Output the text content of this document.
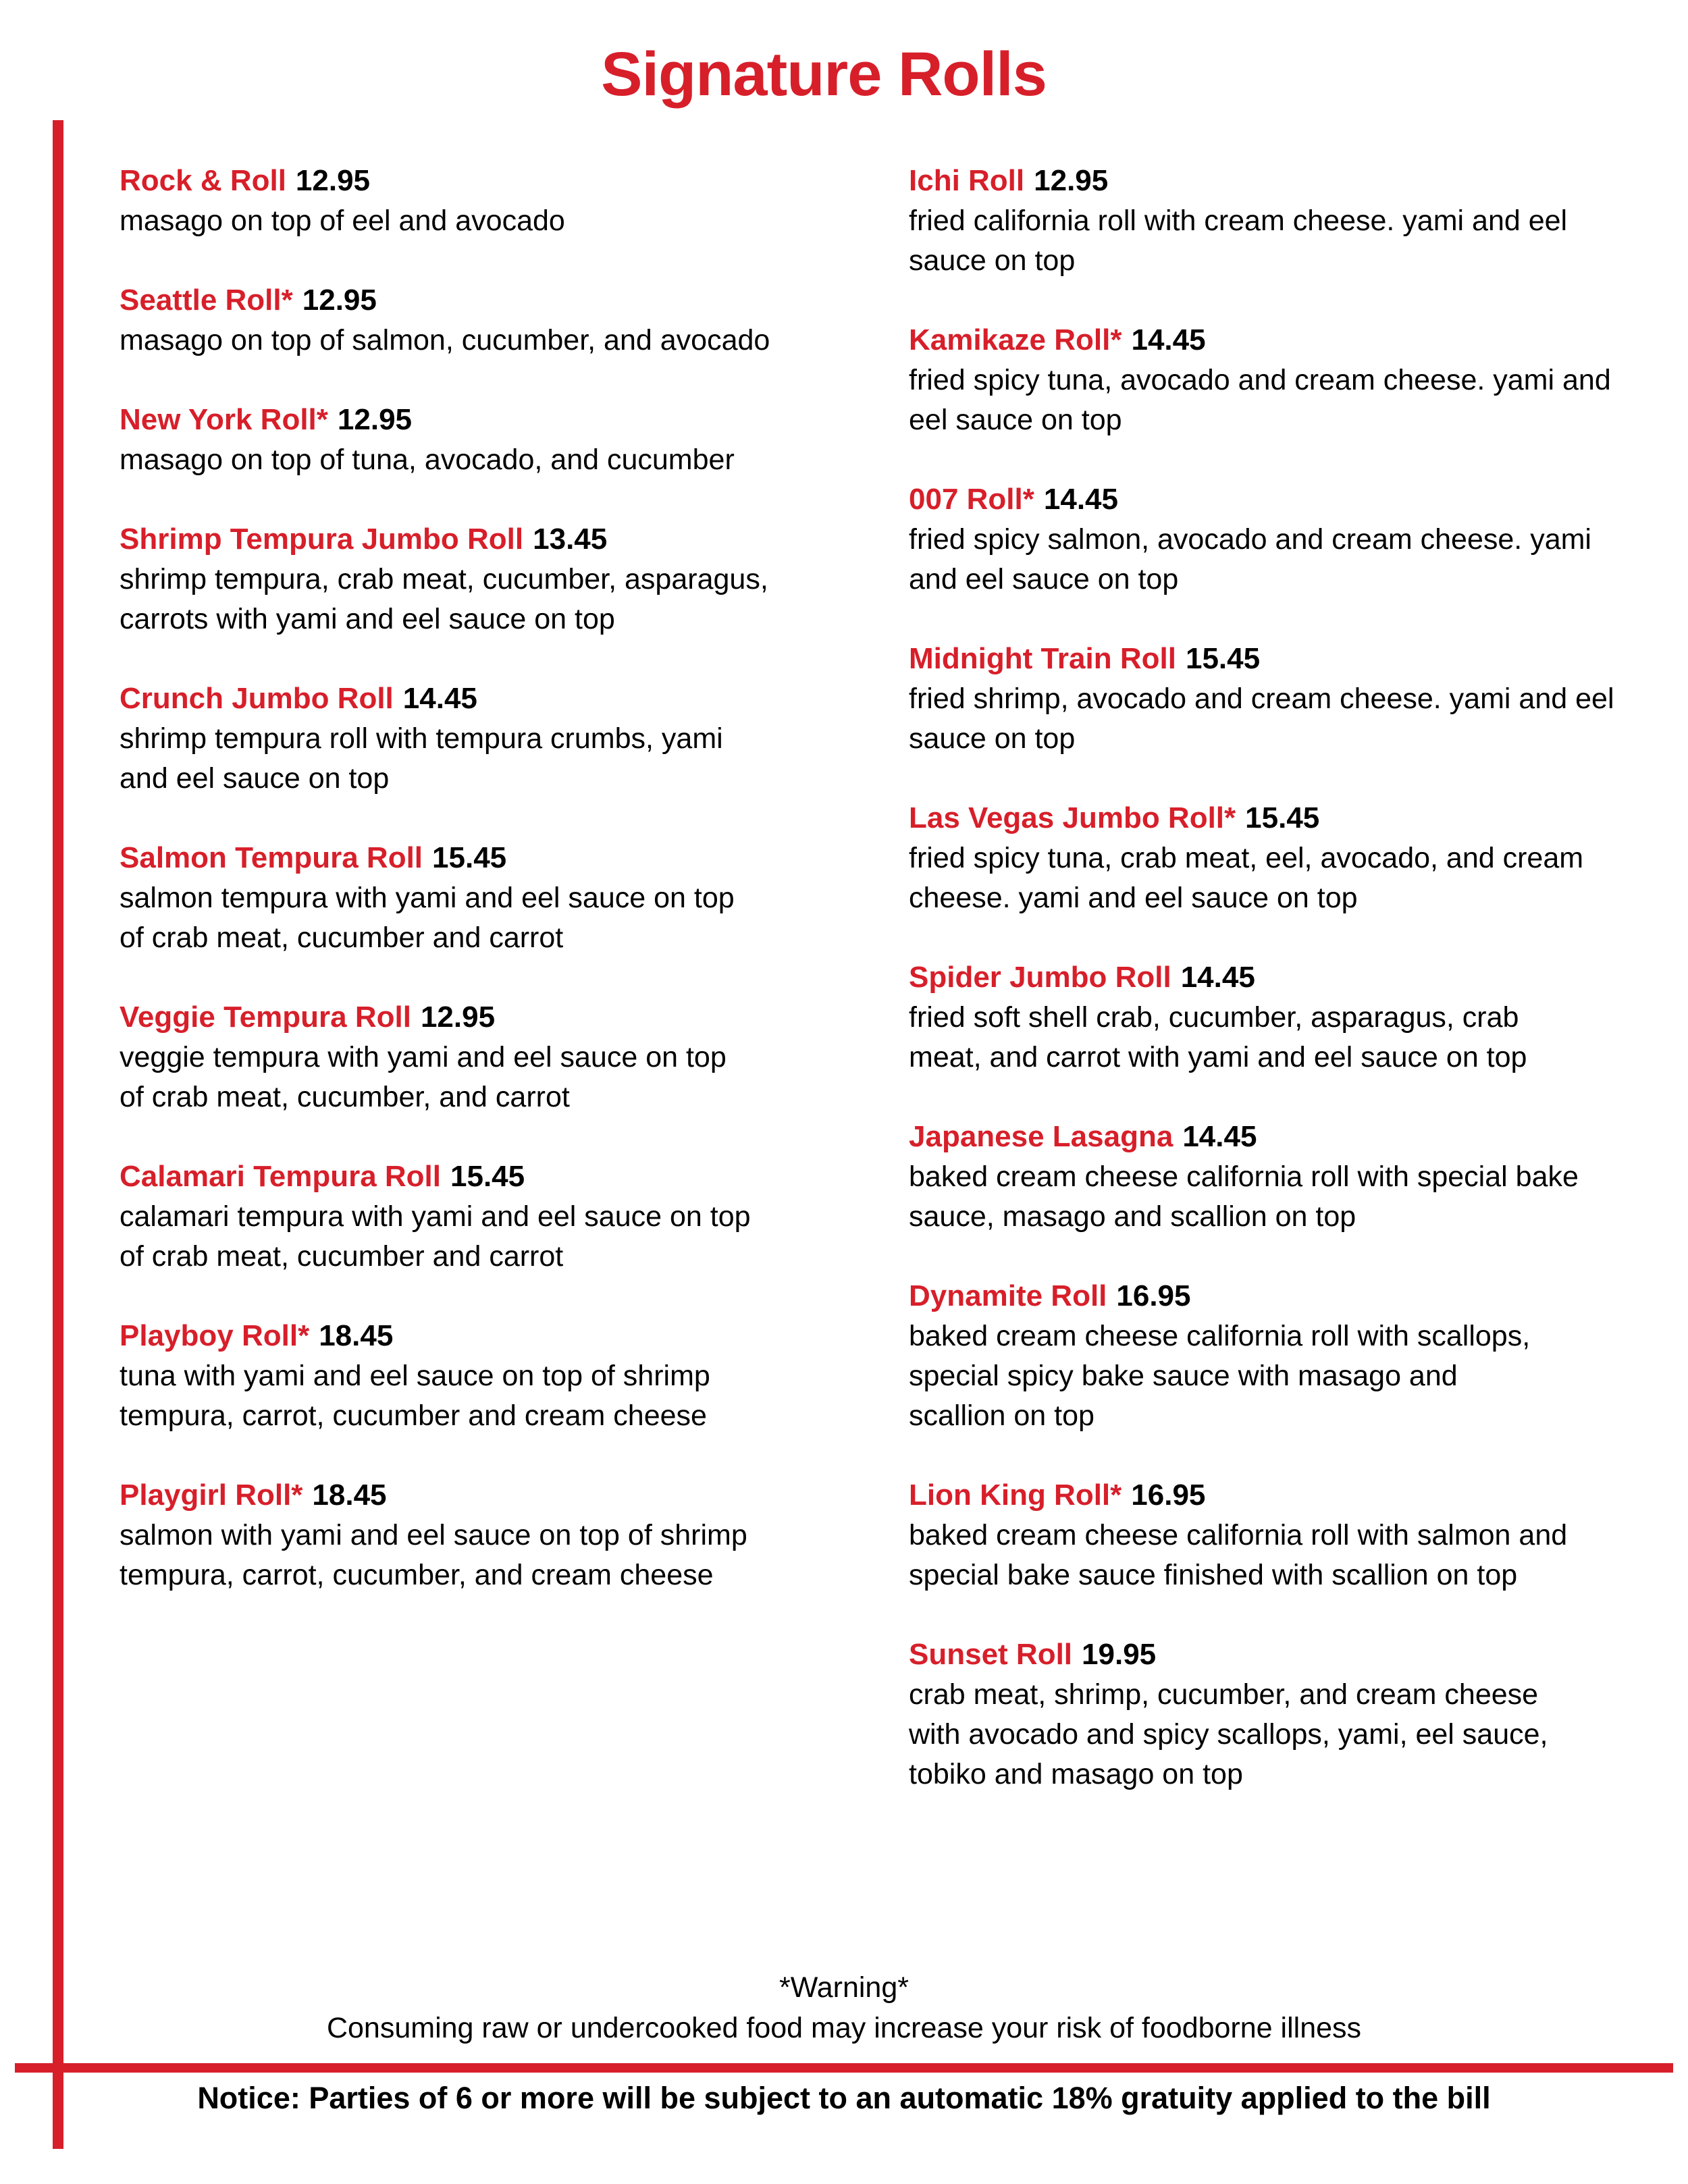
Signature Rolls
Rock & Roll 12.95
masago on top of eel and avocado
Seattle Roll* 12.95
masago on top of salmon, cucumber, and avocado
New York Roll* 12.95
masago on top of tuna, avocado, and cucumber
Shrimp Tempura Jumbo Roll 13.45
shrimp tempura, crab meat, cucumber, asparagus,
carrots with yami and eel sauce on top
Crunch Jumbo Roll 14.45
shrimp tempura roll with tempura crumbs, yami
and eel sauce on top
Salmon Tempura Roll 15.45
salmon tempura with yami and eel sauce on top
of crab meat, cucumber and carrot
Veggie Tempura Roll 12.95
veggie tempura with yami and eel sauce on top
of crab meat, cucumber, and carrot
Calamari Tempura Roll 15.45
calamari tempura with yami and eel sauce on top
of crab meat, cucumber and carrot
Playboy Roll* 18.45
tuna with yami and eel sauce on top of shrimp
tempura, carrot, cucumber and cream cheese
Playgirl Roll* 18.45
salmon with yami and eel sauce on top of shrimp
tempura, carrot, cucumber, and cream cheese
Ichi Roll 12.95
fried california roll with cream cheese. yami and eel
sauce on top
Kamikaze Roll* 14.45
fried spicy tuna, avocado and cream cheese. yami and
eel sauce on top
007 Roll* 14.45
fried spicy salmon, avocado and cream cheese. yami
and eel sauce on top
Midnight Train Roll 15.45
fried shrimp, avocado and cream cheese. yami and eel
sauce on top
Las Vegas Jumbo Roll* 15.45
fried spicy tuna, crab meat, eel, avocado, and cream
cheese. yami and eel sauce on top
Spider Jumbo Roll 14.45
fried soft shell crab, cucumber, asparagus, crab
meat, and carrot with yami and eel sauce on top
Japanese Lasagna 14.45
baked cream cheese california roll with special bake
sauce, masago and scallion on top
Dynamite Roll 16.95
baked cream cheese california roll with scallops,
special spicy bake sauce with masago and
scallion on top
Lion King Roll* 16.95
baked cream cheese california roll with salmon and
special bake sauce finished with scallion on top
Sunset Roll 19.95
crab meat, shrimp, cucumber, and cream cheese
with avocado and spicy scallops, yami, eel sauce,
tobiko and masago on top
*Warning*
Consuming raw or undercooked food may increase your risk of foodborne illness
Notice: Parties of 6 or more will be subject to an automatic 18% gratuity applied to the bill
